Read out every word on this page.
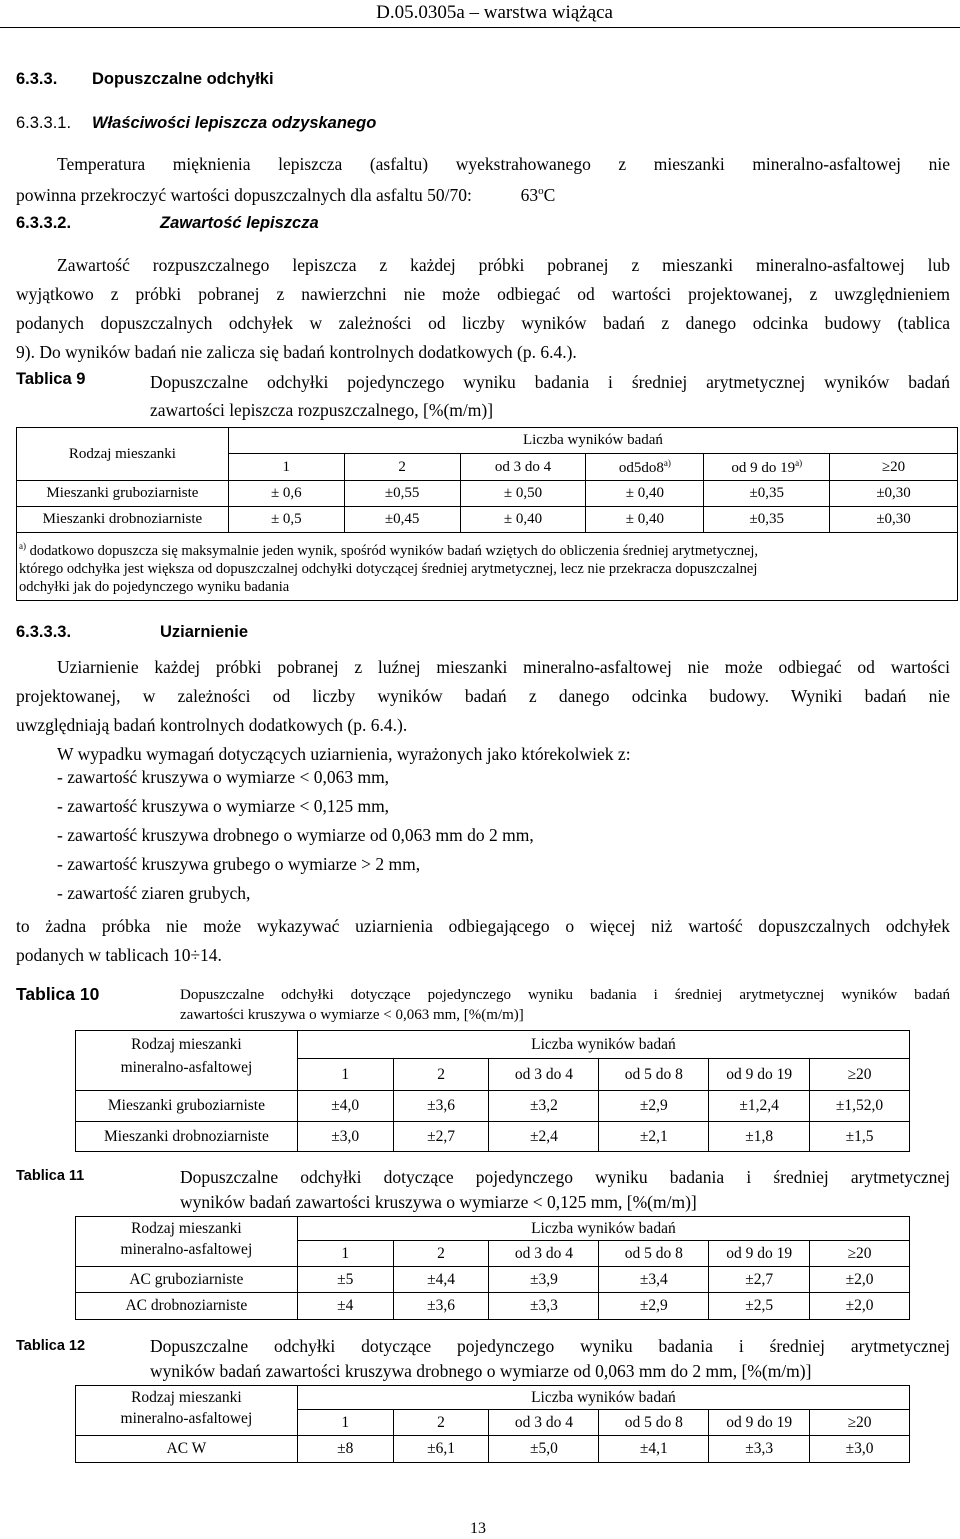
D.05.0305a – warstwa wiążąca
6.3.3. Dopuszczalne odchyłki
6.3.3.1. Właściwości lepiszcza odzyskanego
Temperatura mięknienia lepiszcza (asfaltu) wyekstrahowanego z mieszanki mineralno-asfaltowej nie
powinna przekroczyć wartości dopuszczalnych dla asfaltu 50/70:	63$^o$C
6.3.3.2.	Zawartość lepiszcza
Zawartość rozpuszczalnego lepiszcza z każdej próbki pobranej z mieszanki mineralno-asfaltowej lub
wyjątkowo z próbki pobranej z nawierzchni nie może odbiegać od wartości projektowanej, z uwzględnieniem
podanych dopuszczalnych odchyłek w zależności od liczby wyników badań z danego odcinka budowy (tablica
9). Do wyników badań nie zalicza się badań kontrolnych dodatkowych (p. 6.4.).
Tablica 9	Dopuszczalne odchyłki pojedynczego wyniku badania i średniej arytmetycznej wyników badań
zawartości lepiszcza rozpuszczalnego, [%(m/m)]
Rodzaj mieszanki	Liczba wyników badań					
	1	2	od 3 do 4	od5do8$^{a)}$	od 9 do $19^{a)}$	≥20
Mieszanki gruboziarniste	± 0,6	±0,55	± 0,50	± 0,40	±0,35	±0,30
Mieszanki drobnoziarniste	± 0,5	±0,45	± 0,40	± 0,40	±0,35	±0,30

$^{a)}$ dodatkowo dopuszcza się maksymalnie jeden wynik, spośród wyników badań wziętych do obliczenia średniej arytmetycznej,
którego odchyłka jest większa od dopuszczalnej odchyłki dotyczącej średniej arytmetycznej, lecz nie przekracza dopuszczalnej
odchyłki jak do pojedynczego wyniku badania						
6.3.3.3.	Uziarnienie
Uziarnienie każdej próbki pobranej z luźnej mieszanki mineralno-asfaltowej nie może odbiegać od wartości
projektowanej, w zależności od liczby wyników badań z danego odcinka budowy. Wyniki badań nie
uwzględniają badań kontrolnych dodatkowych (p. 6.4.).
W wypadku wymagań dotyczących uziarnienia, wyrażonych jako którekolwiek z:
- zawartość kruszywa o wymiarze < 0,063 mm,
- zawartość kruszywa o wymiarze < 0,125 mm,
- zawartość kruszywa drobnego o wymiarze od 0,063 mm do 2 mm,
- zawartość kruszywa grubego o wymiarze > 2 mm,
- zawartość ziaren grubych,
to żadna próbka nie może wykazywać uziarnienia odbiegającego o więcej niż wartość dopuszczalnych odchyłek
podanych w tablicach 10÷14.
Tablica 10	Dopuszczalne odchyłki dotyczące pojedynczego wyniku badania i średniej arytmetycznej wyników badań
zawartości kruszywa o wymiarze < 0,063 mm, [%(m/m)]
Rodzaj mieszanki	Liczba wyników badań					
mineralno-asfaltowej	1	2	od 3 do 4	od 5 do 8	od 9 do 19	≥20
Mieszanki gruboziarniste	±4,0	±3,6	±3,2	±2,9	±1,2,4	±1,52,0
Mieszanki drobnoziarniste	±3,0	±2,7	±2,4	±2,1	±1,8	±1,5
Tablica 11	Dopuszczalne odchyłki dotyczące pojedynczego wyniku badania i średniej arytmetycznej
wyników badań zawartości kruszywa o wymiarze < 0,125 mm, [%(m/m)]
Rodzaj mieszanki	Liczba wyników badań					
mineralno-asfaltowej	1	2	od 3 do 4	od 5 do 8	od 9 do 19	≥20
AC gruboziarniste	±5	±4,4	±3,9	±3,4	±2,7	±2,0
AC drobnoziarniste	±4	±3,6	±3,3	±2,9	±2,5	±2,0
Tablica 12	Dopuszczalne odchyłki dotyczące pojedynczego wyniku badania i średniej arytmetycznej
wyników badań zawartości kruszywa drobnego o wymiarze od 0,063 mm do 2 mm, [%(m/m)]
Rodzaj mieszanki	Liczba wyników badań					
mineralno-asfaltowej	1	2	od 3 do 4	od 5 do 8	od 9 do 19	≥20
AC W	±8	±6,1	±5,0	±4,1	±3,3	±3,0
13
